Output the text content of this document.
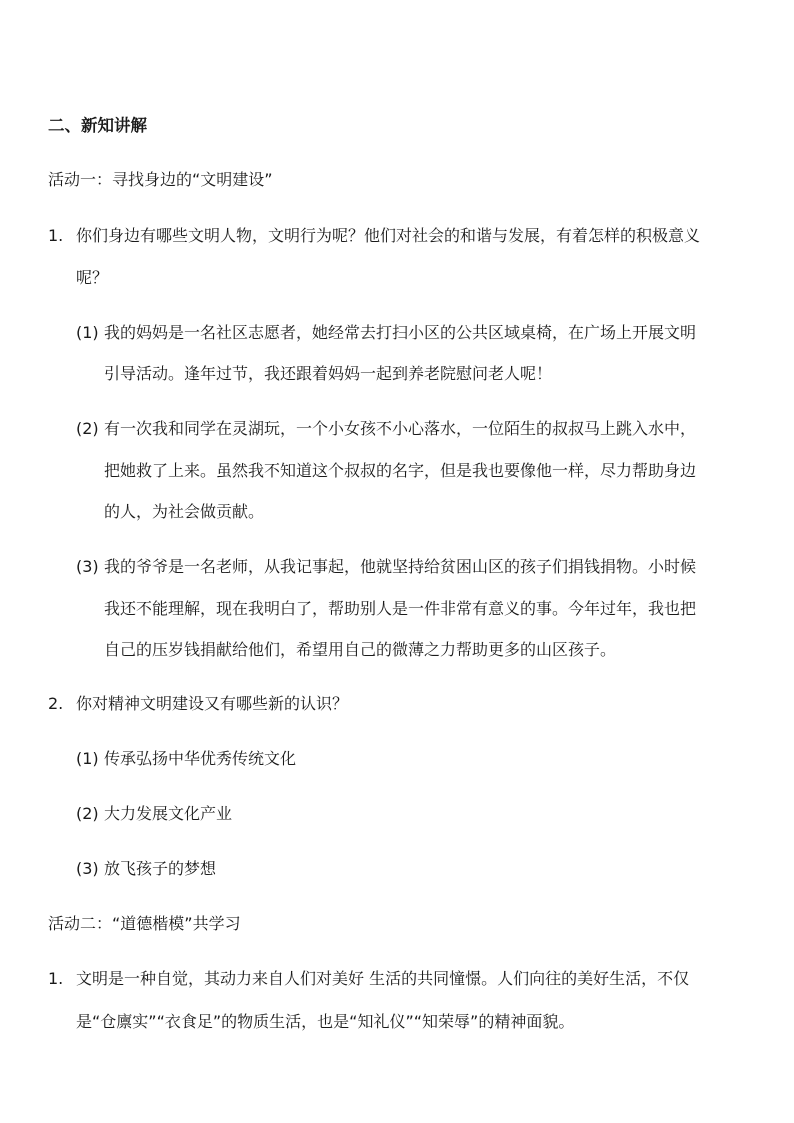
二、新知讲解
活动一：寻找身边的“文明建设”
1. 你们身边有哪些文明人物，文明行为呢？他们对社会的和谐与发展，有着怎样的积极意义
呢？
(1) 我的妈妈是一名社区志愿者，她经常去打扫小区的公共区域桌椅，在广场上开展文明
引导活动。逢年过节，我还跟着妈妈一起到养老院慰问老人呢！
(2) 有一次我和同学在灵湖玩，一个小女孩不小心落水，一位陌生的叔叔马上跳入水中，
把她救了上来。虽然我不知道这个叔叔的名字，但是我也要像他一样，尽力帮助身边
的人，为社会做贡献。
(3) 我的爷爷是一名老师，从我记事起，他就坚持给贫困山区的孩子们捐钱捐物。小时候
我还不能理解，现在我明白了，帮助别人是一件非常有意义的事。今年过年，我也把
自己的压岁钱捐献给他们，希望用自己的微薄之力帮助更多的山区孩子。
2. 你对精神文明建设又有哪些新的认识？
(1) 传承弘扬中华优秀传统文化
(2) 大力发展文化产业
(3) 放飞孩子的梦想
活动二：“道德楷模”共学习
1. 文明是一种自觉，其动力来自人们对美好 生活的共同憧憬。人们向往的美好生活，不仅
是“仓廪实”“衣食足”的物质生活，也是“知礼仪”“知荣辱”的精神面貌。
